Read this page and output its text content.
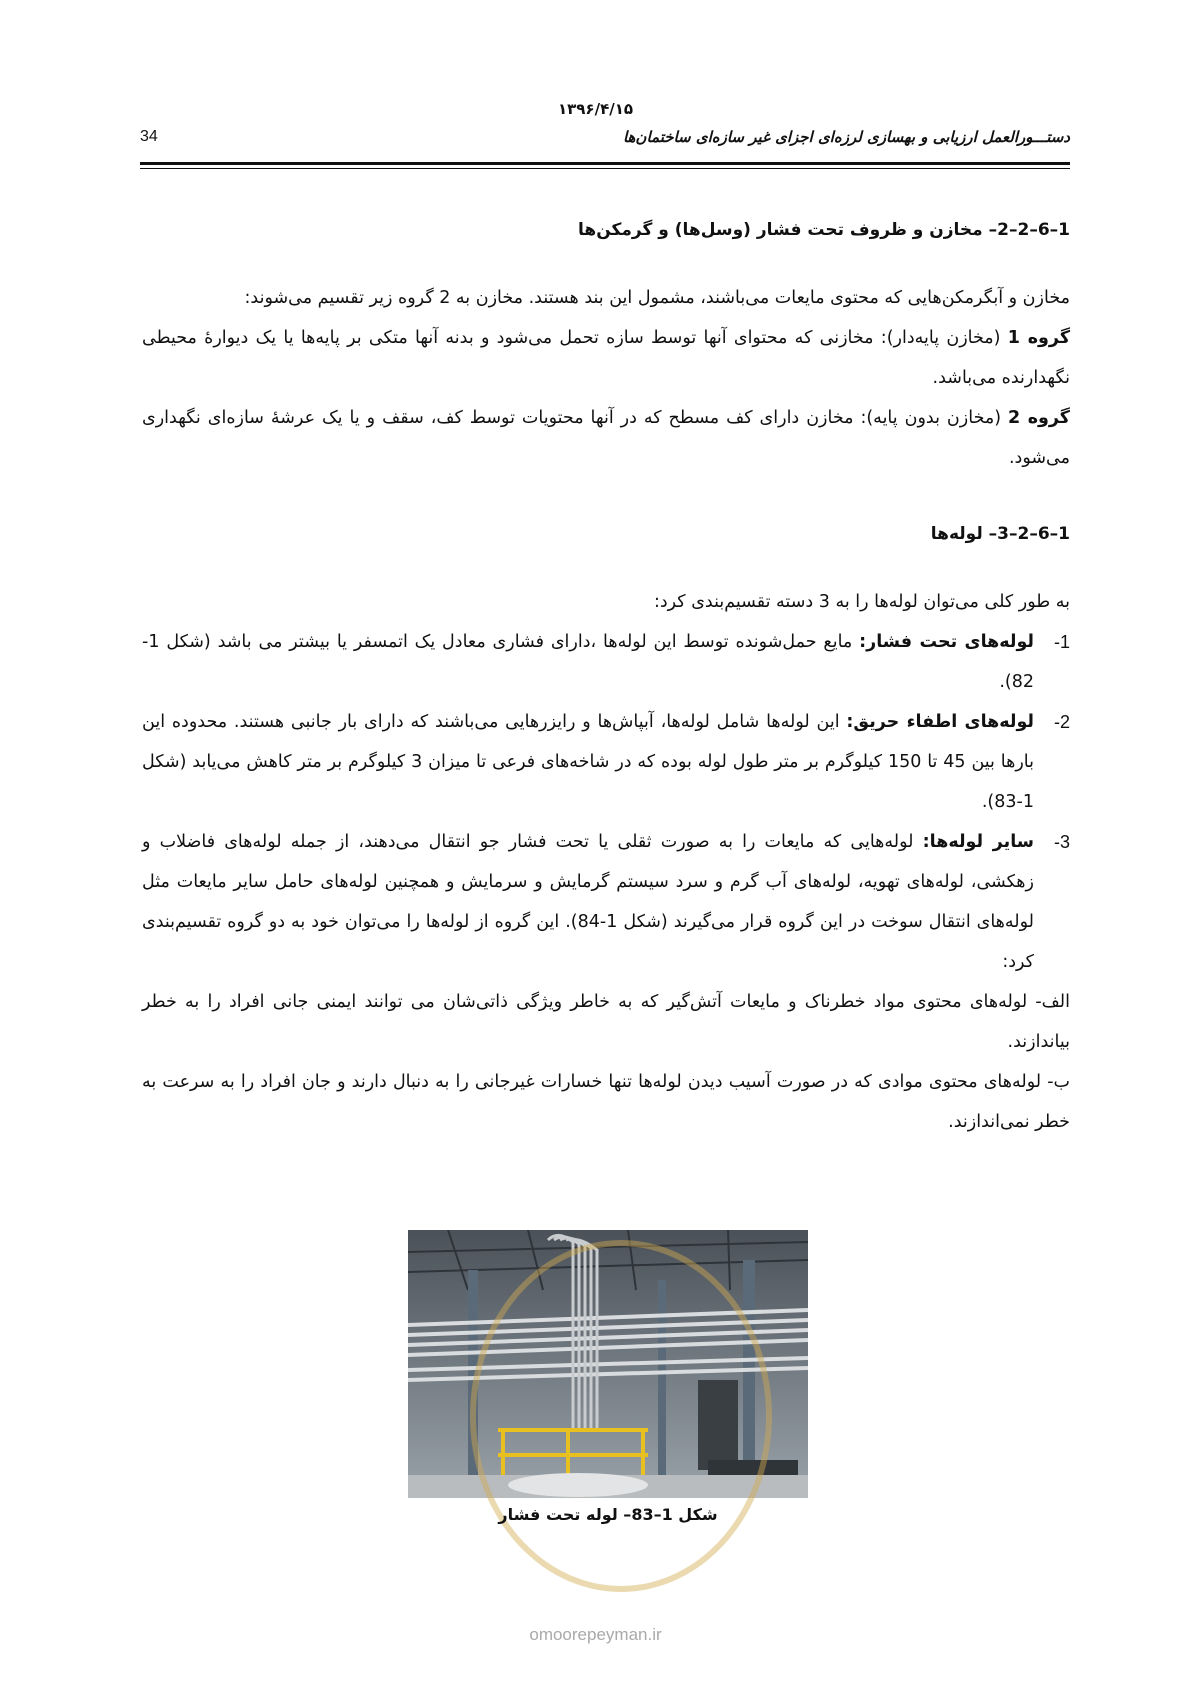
۱۳۹۶/۴/۱۵
دستـــورالعمل ارزیابی و بهسازی لرزه‌ای اجزای غیر سازه‌ای ساختمان‌ها
34
1–6–2–2– مخازن و ظروف تحت فشار (وسل‌ها) و گرمکن‌ها

مخازن و آبگرمکن‌هایی که محتوی مایعات می‌باشند، مشمول این بند هستند. مخازن به 2 گروه زیر تقسیم می‌شوند:

گروه 1 (مخازن پایه‌دار): مخازنی که محتوای آنها توسط سازه تحمل می‌شود و بدنه آنها متکی بر پایه‌ها یا یک دیوارۀ محیطی نگهدارنده می‌باشد.

گروه 2 (مخازن بدون پایه): مخازن دارای کف مسطح که در آنها محتویات توسط کف، سقف و یا یک عرشۀ سازه‌ای نگهداری می‌شود.

1–6–2–3– لوله‌ها

به طور کلی می‌توان لوله‌ها را به 3 دسته تقسیم‌بندی کرد:

1-
لوله‌های تحت فشار: مایع حمل‌شونده توسط این لوله‌ها ،دارای فشاری معادل یک اتمسفر یا بیشتر می باشد (شکل 1-82).
2-
لوله‌های اطفاء حریق: این لوله‌ها شامل لوله‌ها، آبپاش‌ها و رایزرهایی می‌باشند که دارای بار جانبی هستند. محدوده این بارها بین 45 تا 150 کیلوگرم بر متر طول لوله بوده که در شاخه‌های فرعی تا میزان 3 کیلوگرم بر متر کاهش می‌یابد (شکل 1-83).
3-
سایر لوله‌ها: لوله‌هایی که مایعات را به صورت ثقلی یا تحت فشار جو انتقال می‌دهند، از جمله لوله‌های فاضلاب و زهکشی، لوله‌های تهویه، لوله‌های آب گرم و سرد سیستم گرمایش و سرمایش و همچنین لوله‌های حامل سایر مایعات مثل لوله‌های انتقال سوخت در این گروه قرار می‌گیرند (شکل 1-84). این گروه از لوله‌ها را می‌توان خود به دو گروه تقسیم‌بندی کرد:

الف- لوله‌های محتوی مواد خطرناک و مایعات آتش‌گیر که به خاطر ویژگی ذاتی‌شان می توانند ایمنی جانی افراد را به خطر بیاندازند.

ب- لوله‌های محتوی موادی که در صورت آسیب دیدن لوله‌ها تنها خسارات غیرجانی را به دنبال دارند و جان افراد را به سرعت به خطر نمی‌اندازند.

شکل 1–83– لوله تحت فشار
omoorepeyman.ir
